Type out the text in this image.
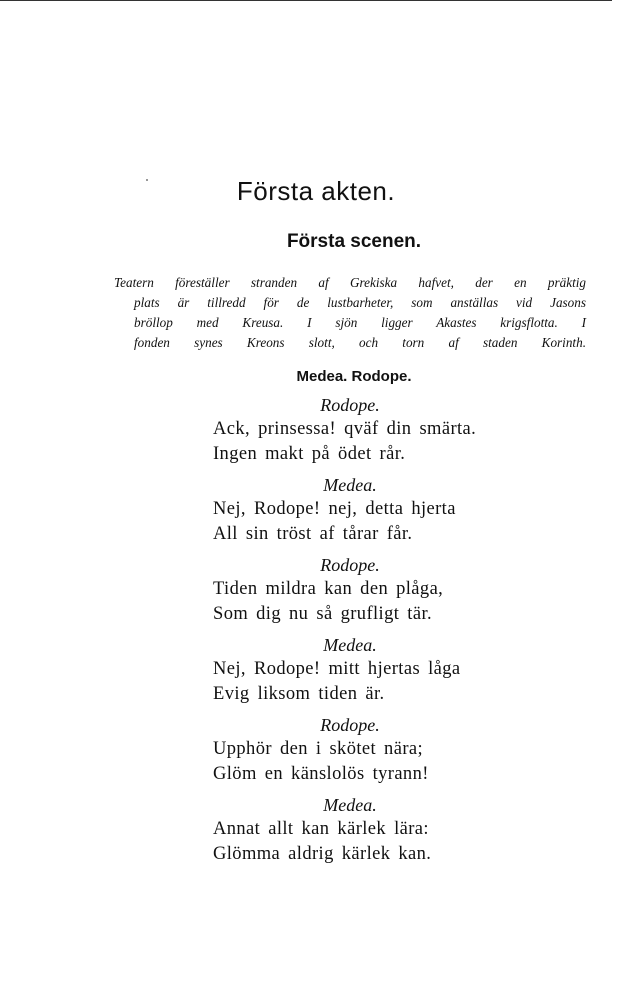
Första akten.
Första scenen.
Teatern föreställer stranden af Grekiska hafvet, der en präktig
plats är tillredd för de lustbarheter, som anställas vid Jasons
bröllop med Kreusa. I sjön ligger Akastes krigsflotta. I
fonden synes Kreons slott, och torn af staden Korinth.
Medea. Rodope.
Rodope.
Ack, prinsessa! qväf din smärta.
Ingen makt på ödet rår.
Medea.
Nej, Rodope! nej, detta hjerta
All sin tröst af tårar får.
Rodope.
Tiden mildra kan den plåga,
Som dig nu så grufligt tär.
Medea.
Nej, Rodope! mitt hjertas låga
Evig liksom tiden är.
Rodope.
Upphör den i skötet nära;
Glöm en känslolös tyrann!
Medea.
Annat allt kan kärlek lära:
Glömma aldrig kärlek kan.
